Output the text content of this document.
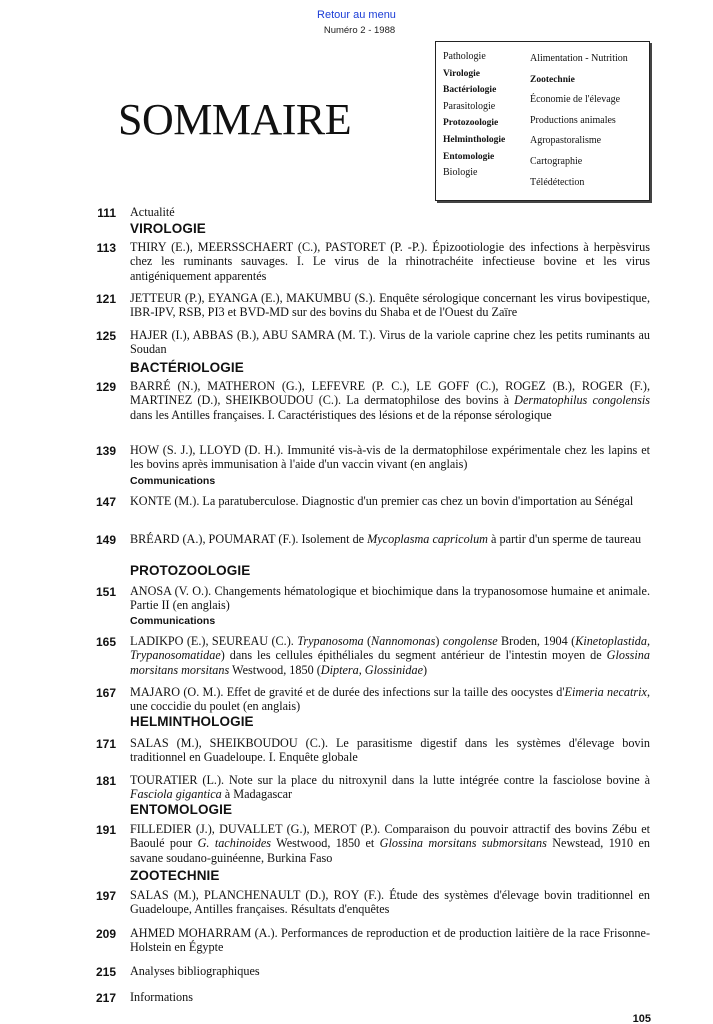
Retour au menu
Numéro 2 - 1988
SOMMAIRE
Pathologie
Virologie
Bactériologie
Parasitologie
Protozoologie
Helminthologie
Entomologie
Biologie
Alimentation - Nutrition
Zootechnie
Économie de l'élevage
Productions animales
Agropastoralisme
Cartographie
Télédétection
VIROLOGIE
BACTÉRIOLOGIE
Communications
PROTOZOOLOGIE
Communications
HELMINTHOLOGIE
ENTOMOLOGIE
ZOOTECHNIE
111 Actualité
113 THIRY (E.), MEERSSCHAERT (C.), PASTORET (P. -P.). Épizootiologie des infections à herpèsvirus chez les ruminants sauvages. I. Le virus de la rhinotrachéite infectieuse bovine et les virus antigéniquement apparentés
121 JETTEUR (P.), EYANGA (E.), MAKUMBU (S.). Enquête sérologique concernant les virus bovipestique, IBR-IPV, RSB, PI3 et BVD-MD sur des bovins du Shaba et de l'Ouest du Zaïre
125 HAJER (I.), ABBAS (B.), ABU SAMRA (M. T.). Virus de la variole caprine chez les petits ruminants au Soudan
129 BARRÉ (N.), MATHERON (G.), LEFEVRE (P. C.), LE GOFF (C.), ROGEZ (B.), ROGER (F.), MARTINEZ (D.), SHEIKBOUDOU (C.). La dermatophilose des bovins à Dermatophilus congolensis dans les Antilles françaises. I. Caractéristiques des lésions et de la réponse sérologique
139 HOW (S. J.), LLOYD (D. H.). Immunité vis-à-vis de la dermatophilose expérimentale chez les lapins et les bovins après immunisation à l'aide d'un vaccin vivant (en anglais)
147 KONTE (M.). La paratuberculose. Diagnostic d'un premier cas chez un bovin d'importation au Sénégal
149 BRÉARD (A.), POUMARAT (F.). Isolement de Mycoplasma capricolum à partir d'un sperme de taureau
151 ANOSA (V. O.). Changements hématologique et biochimique dans la trypanosomose humaine et animale. Partie II (en anglais)
165 LADIKPO (E.), SEUREAU (C.). Trypanosoma (Nannomonas) congolense Broden, 1904 (Kinetoplastida, Trypanosomatidae) dans les cellules épithéliales du segment antérieur de l'intestin moyen de Glossina morsitans morsitans Westwood, 1850 (Diptera, Glossinidae)
167 MAJARO (O. M.). Effet de gravité et de durée des infections sur la taille des oocystes d'Eimeria necatrix, une coccidie du poulet (en anglais)
171 SALAS (M.), SHEIKBOUDOU (C.). Le parasitisme digestif dans les systèmes d'élevage bovin traditionnel en Guadeloupe. I. Enquête globale
181 TOURATIER (L.). Note sur la place du nitroxynil dans la lutte intégrée contre la fasciolose bovine à Fasciola gigantica à Madagascar
191 FILLEDIER (J.), DUVALLET (G.), MEROT (P.). Comparaison du pouvoir attractif des bovins Zébu et Baoulé pour G. tachinoides Westwood, 1850 et Glossina morsitans submorsitans Newstead, 1910 en savane soudano-guinéenne, Burkina Faso
197 SALAS (M.), PLANCHENAULT (D.), ROY (F.). Étude des systèmes d'élevage bovin traditionnel en Guadeloupe, Antilles françaises. Résultats d'enquêtes
209 AHMED MOHARRAM (A.). Performances de reproduction et de production laitière de la race Frisonne-Holstein en Égypte
215 Analyses bibliographiques
217 Informations
105
